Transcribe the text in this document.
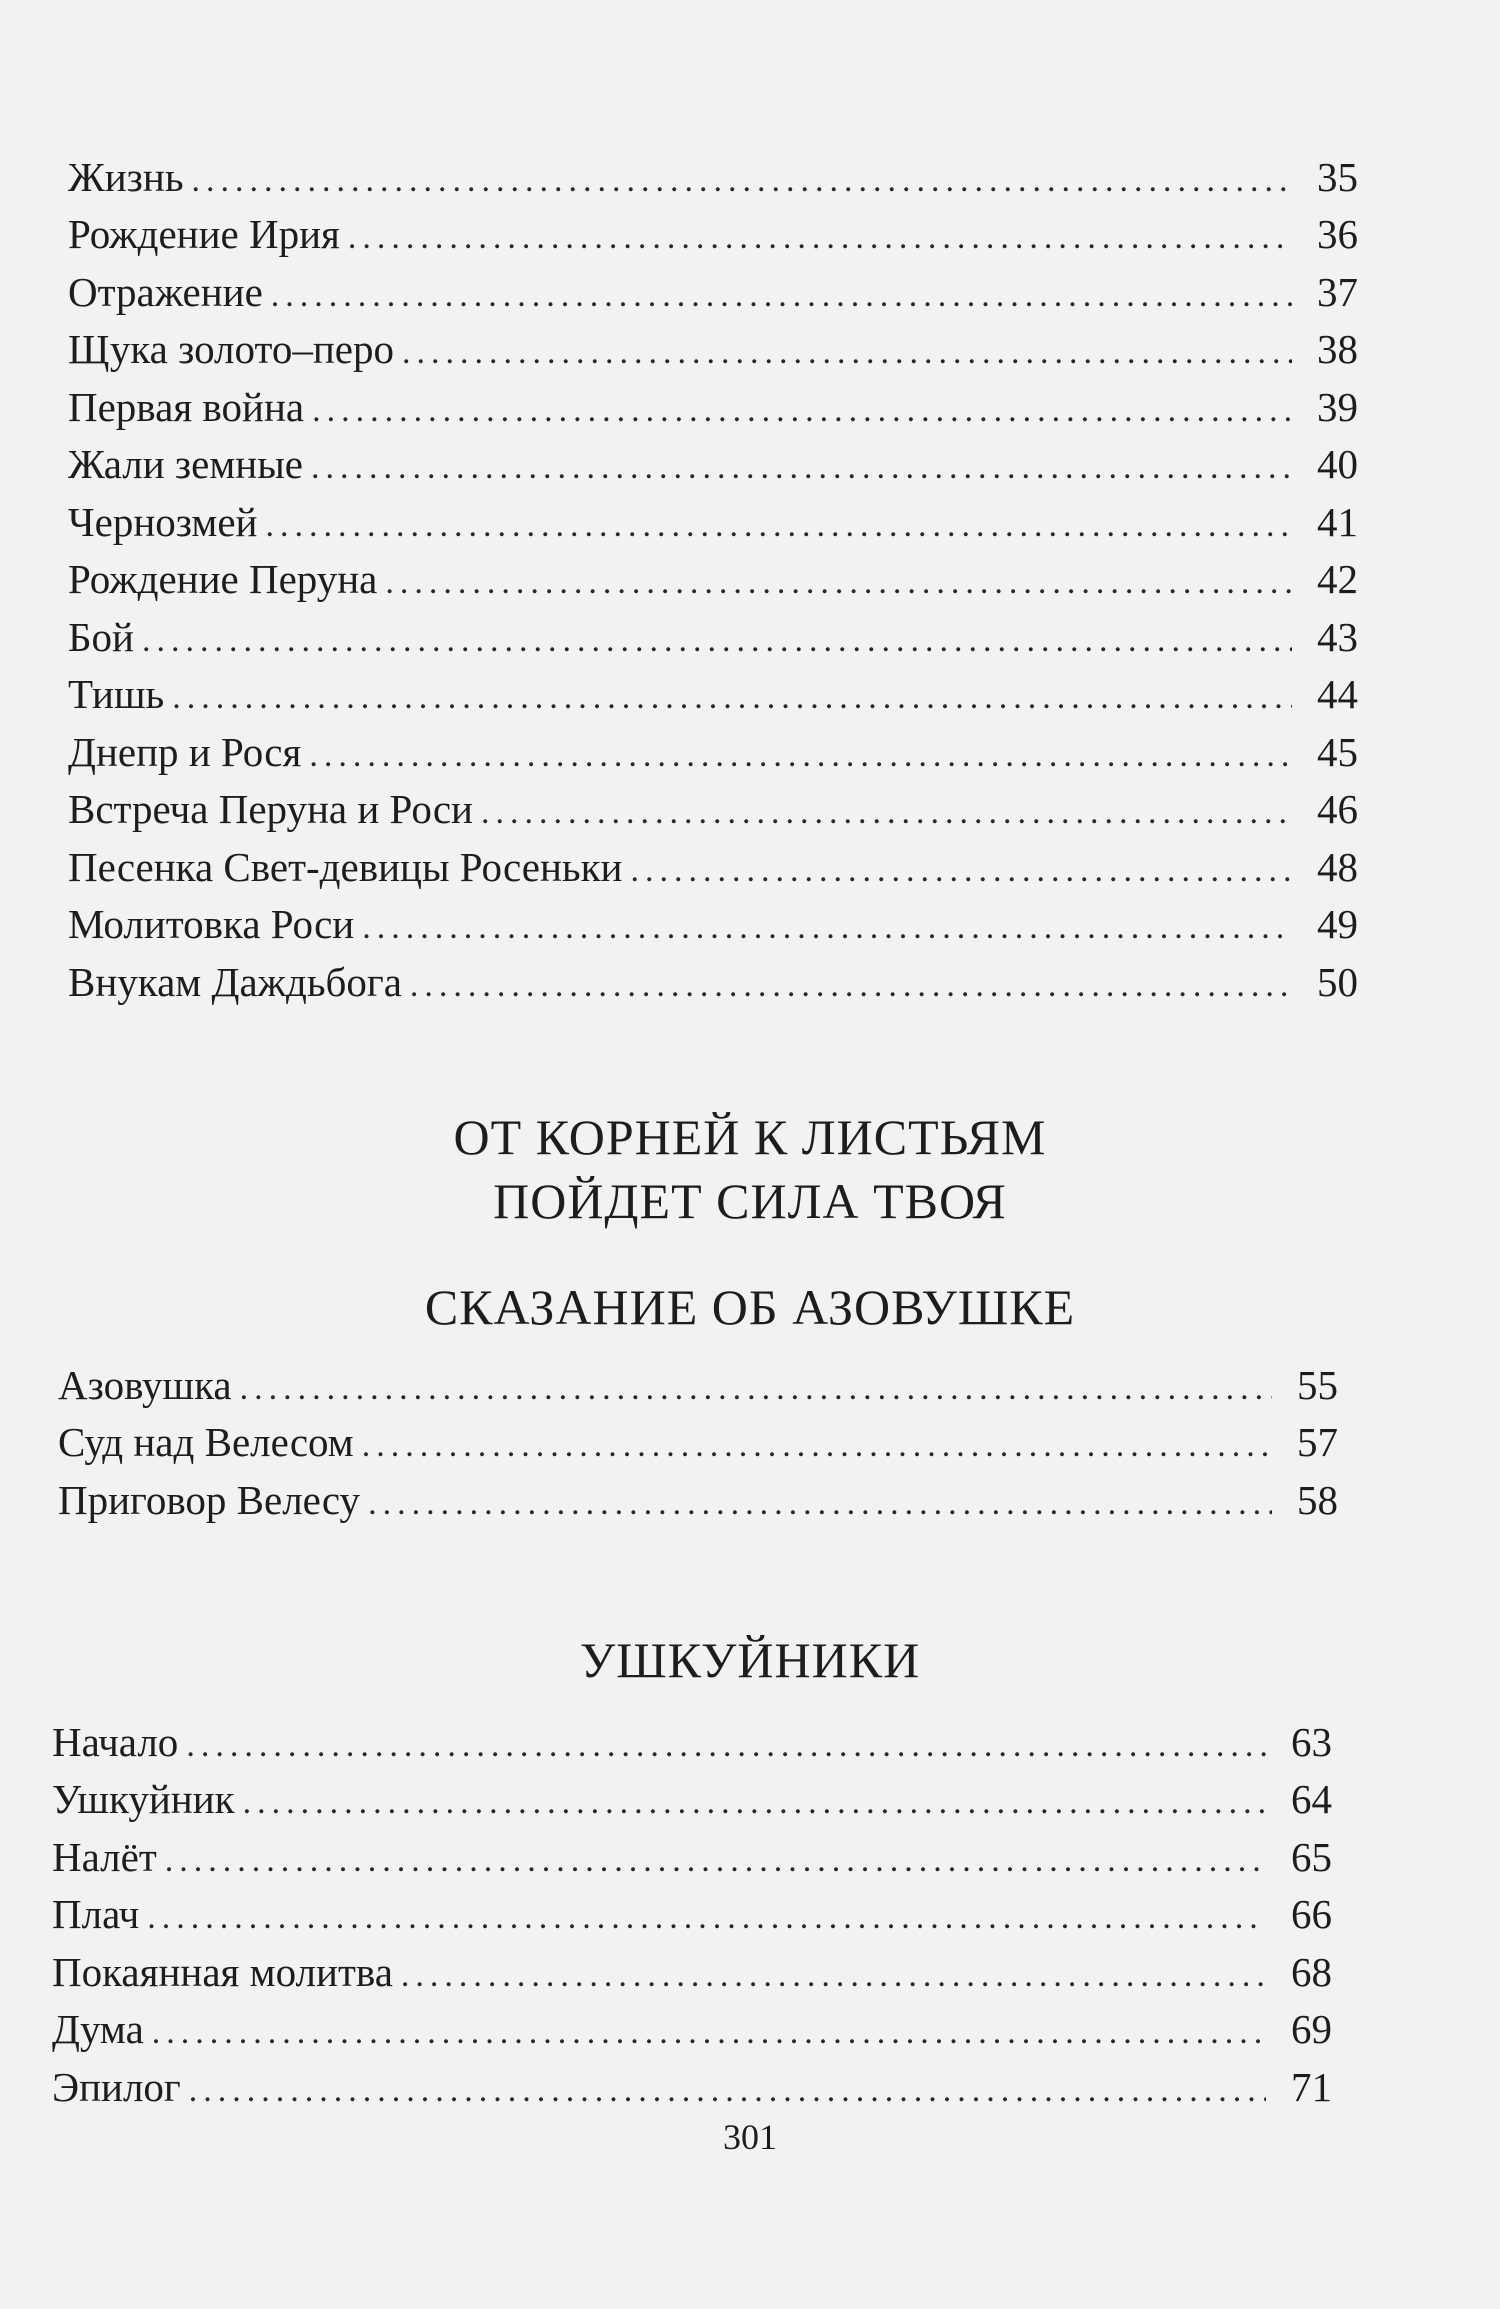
Жизнь .....	35
Рождение Ирия .....	36
Отражение .....	37
Щука золото–перо .....	38
Первая война .....	39
Жали земные .....	40
Чернозмей .....	41
Рождение Перуна .....	42
Бой .....	43
Тишь .....	44
Днепр и Рося .....	45
Встреча Перуна и Роси .....	46
Песенка Свет-девицы Росеньки .....	48
Молитовка Роси .....	49
Внукам Даждьбога .....	50
ОТ КОРНЕЙ К ЛИСТЬЯМ
ПОЙДЕТ СИЛА ТВОЯ
СКАЗАНИЕ ОБ АЗОВУШКЕ
Азовушка .....	55
Суд над Велесом .....	57
Приговор Велесу .....	58
УШКУЙНИКИ
Начало .....	63
Ушкуйник .....	64
Налёт .....	65
Плач .....	66
Покаянная молитва .....	68
Дума .....	69
Эпилог .....	71
301
